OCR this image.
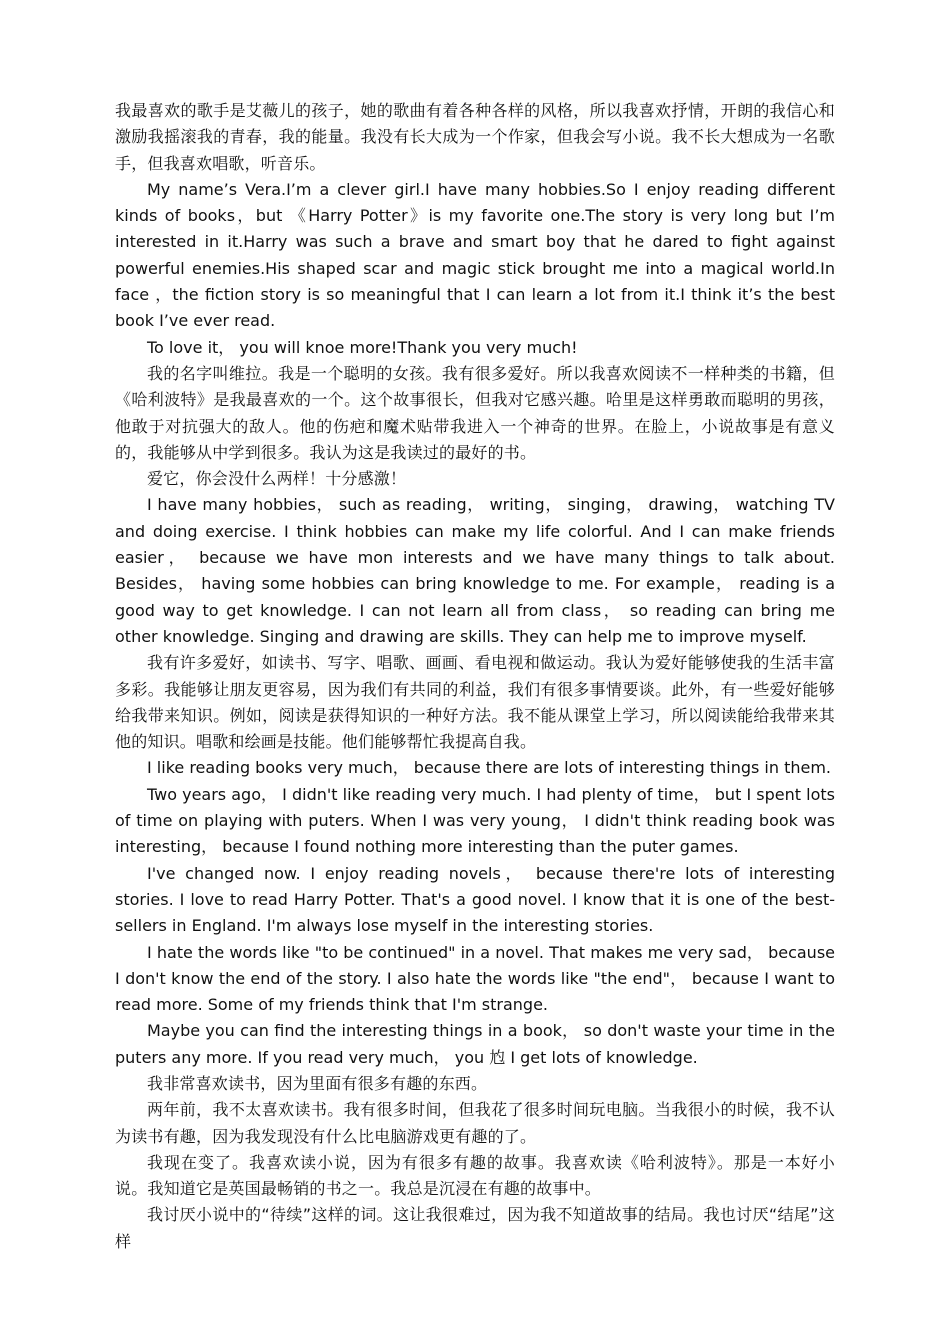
我最喜欢的歌手是艾薇儿的孩子，她的歌曲有着各种各样的风格，所以我喜欢抒情，开朗的我信心和激励我摇滚我的青春，我的能量。我没有长大成为一个作家，但我会写小说。我不长大想成为一名歌手，但我喜欢唱歌，听音乐。

My name’s Vera.I’m a clever girl.I have many hobbies.So I enjoy reading different kinds of books，but 《Harry Potter》is my favorite one.The story is very long but I’m interested in it.Harry was such a brave and smart boy that he dared to fight against powerful enemies.His shaped scar and magic stick brought me into a magical world.In face ，the fiction story is so meaningful that I can learn a lot from it.I think it’s the best book I’ve ever read.

To love it， you will knoe more!Thank you very much!

我的名字叫维拉。我是一个聪明的女孩。我有很多爱好。所以我喜欢阅读不一样种类的书籍，但《哈利波特》是我最喜欢的一个。这个故事很长，但我对它感兴趣。哈里是这样勇敢而聪明的男孩，他敢于对抗强大的敌人。他的伤疤和魔术贴带我进入一个神奇的世界。在脸上，小说故事是有意义的，我能够从中学到很多。我认为这是我读过的最好的书。

爱它，你会没什么两样！十分感激！

I have many hobbies， such as reading， writing， singing， drawing， watching TV and doing exercise. I think hobbies can make my life colorful. And I can make friends easier， because we have mon interests and we have many things to talk about. Besides， having some hobbies can bring knowledge to me. For example， reading is a good way to get knowledge. I can not learn all from class， so reading can bring me other knowledge. Singing and drawing are skills. They can help me to improve myself.

我有许多爱好，如读书、写字、唱歌、画画、看电视和做运动。我认为爱好能够使我的生活丰富多彩。我能够让朋友更容易，因为我们有共同的利益，我们有很多事情要谈。此外，有一些爱好能够给我带来知识。例如，阅读是获得知识的一种好方法。我不能从课堂上学习，所以阅读能给我带来其他的知识。唱歌和绘画是技能。他们能够帮忙我提高自我。

I like reading books very much， because there are lots of interesting things in them.

Two years ago， I didn't like reading very much. I had plenty of time， but I spent lots of time on playing with puters. When I was very young， I didn't think reading book was interesting， because I found nothing more interesting than the puter games.

I've changed now. I enjoy reading novels， because there're lots of interesting stories. I love to read Harry Potter. That's a good novel. I know that it is one of the best-sellers in England. I'm always lose myself in the interesting stories.

I hate the words like "to be continued" in a novel. That makes me very sad， because I don't know the end of the story. I also hate the words like "the end"， because I want to read more. Some of my friends think that I'm strange.

Maybe you can find the interesting things in a book， so don't waste your time in the puters any more. If you read very much， you 尥 I get lots of knowledge.

我非常喜欢读书，因为里面有很多有趣的东西。

两年前，我不太喜欢读书。我有很多时间，但我花了很多时间玩电脑。当我很小的时候，我不认为读书有趣，因为我发现没有什么比电脑游戏更有趣的了。

我现在变了。我喜欢读小说，因为有很多有趣的故事。我喜欢读《哈利波特》。那是一本好小说。我知道它是英国最畅销的书之一。我总是沉浸在有趣的故事中。

我讨厌小说中的“待续”这样的词。这让我很难过，因为我不知道故事的结局。我也讨厌“结尾”这样
